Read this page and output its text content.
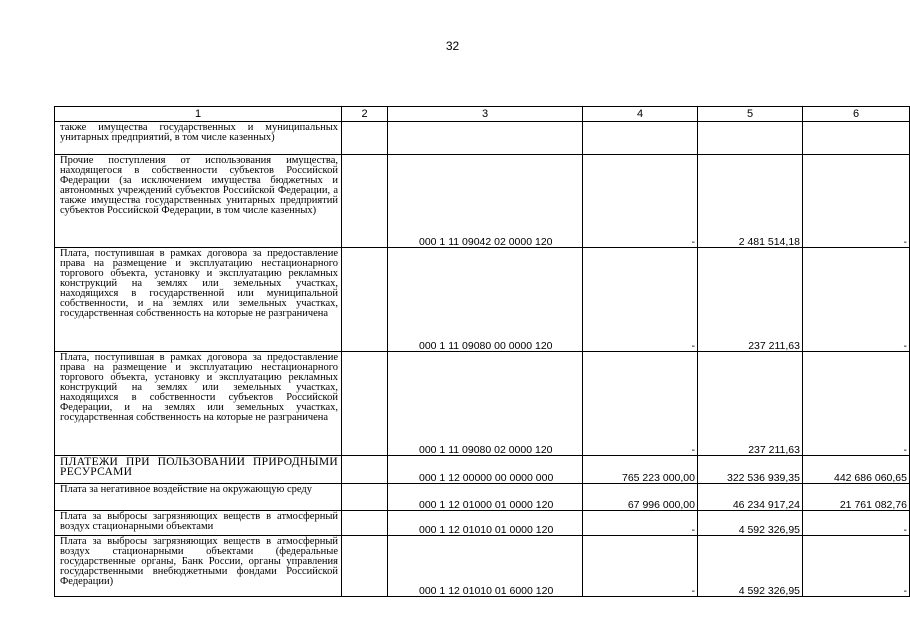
32
1	2	3	4	5	6
также имущества государственных и муниципальных унитарных предприятий, в том числе казенных)					
Прочие поступления от использования имущества, находящегося в собственности субъектов Российской Федерации (за исключением имущества бюджетных и автономных учреждений субъектов Российской Федерации, а также имущества государственных унитарных предприятий субъектов Российской Федерации, в том числе казенных)		000 1 11 09042 02 0000 120	-	2 481 514,18	-
Плата, поступившая в рамках договора за предоставление права на размещение и эксплуатацию нестационарного торгового объекта, установку и эксплуатацию рекламных конструкций на землях или земельных участках, находящихся в государственной или муниципальной собственности, и на землях или земельных участках, государственная собственность на которые не разграничена		000 1 11 09080 00 0000 120	-	237 211,63	-
Плата, поступившая в рамках договора за предоставление права на размещение и эксплуатацию нестационарного торгового объекта, установку и эксплуатацию рекламных конструкций на землях или земельных участках, находящихся в собственности субъектов Российской Федерации, и на землях или земельных участках, государственная собственность на которые не разграничена		000 1 11 09080 02 0000 120	-	237 211,63	-
ПЛАТЕЖИ ПРИ ПОЛЬЗОВАНИИ ПРИРОДНЫМИ РЕСУРСАМИ		000 1 12 00000 00 0000 000	765 223 000,00	322 536 939,35	442 686 060,65
Плата за негативное воздействие на окружающую среду		000 1 12 01000 01 0000 120	67 996 000,00	46 234 917,24	21 761 082,76
Плата за выбросы загрязняющих веществ в атмосферный воздух стационарными объектами		000 1 12 01010 01 0000 120	-	4 592 326,95	-
Плата за выбросы загрязняющих веществ в атмосферный воздух стационарными объектами (федеральные государственные органы, Банк России, органы управления государственными внебюджетными фондами Российской Федерации)		000 1 12 01010 01 6000 120	-	4 592 326,95	-
